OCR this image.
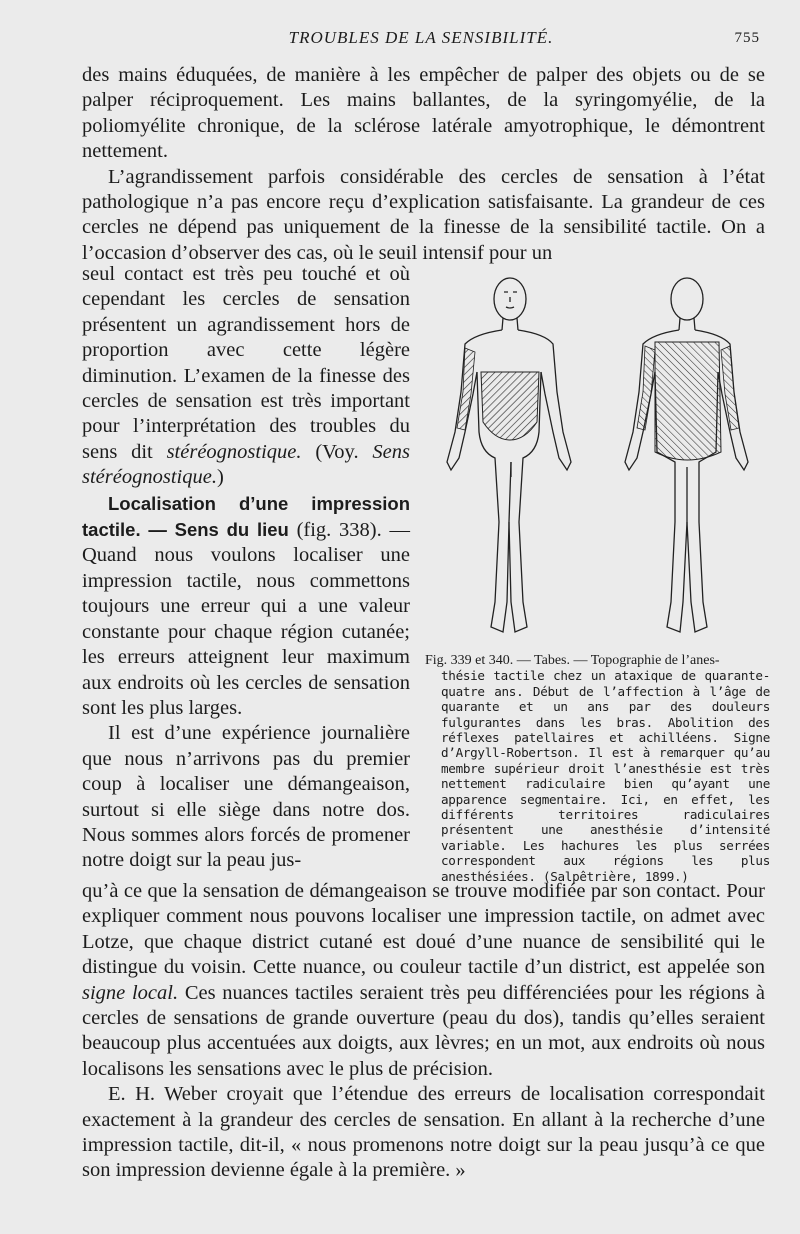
TROUBLES DE LA SENSIBILITÉ.	755

des mains éduquées, de manière à les empêcher de palper des objets ou de se palper réciproquement. Les mains ballantes, de la syringomyélie, de la poliomyélite chronique, de la sclérose latérale amyotrophique, le démontrent nettement.

L’agrandissement parfois considérable des cercles de sensation à l’état pathologique n’a pas encore reçu d’explication satisfaisante. La grandeur de ces cercles ne dépend pas uniquement de la finesse de la sensibilité tactile. On a l’occasion d’observer des cas, où le seuil intensif pour un

seul contact est très peu touché et où cependant les cercles de sensation présentent un agrandissement hors de proportion avec cette légère diminution. L’examen de la finesse des cercles de sensation est très important pour l’interprétation des troubles du sens dit stéréognostique. (Voy. Sens stéréognostique.)

Localisation d’une impression tactile. — Sens du lieu (fig. 338). — Quand nous voulons localiser une impression tactile, nous commettons toujours une erreur qui a une valeur constante pour chaque région cutanée; les erreurs atteignent leur maximum aux endroits où les cercles de sensation sont les plus larges.

Il est d’une expérience journalière que nous n’arrivons pas du premier coup à localiser une démangeaison, surtout si elle siège dans notre dos. Nous sommes alors forcés de promener notre doigt sur la peau jus-

Fig. 339 et 340. — Tabes. — Topographie de l’anes-
thésie tactile chez un ataxique de quarante-quatre ans. Début de l’affection à l’âge de quarante et un ans par des douleurs fulgurantes dans les bras. Abolition des réflexes patellaires et achilléens. Signe d’Argyll-Robertson. Il est à remarquer qu’au membre supérieur droit l’anesthésie est très nettement radiculaire bien qu’ayant une apparence segmentaire. Ici, en effet, les différents territoires radiculaires présentent une anesthésie d’intensité variable. Les hachures les plus serrées correspondent aux régions les plus anesthésiées. (Salpêtrière, 1899.)

qu’à ce que la sensation de démangeaison se trouve modifiée par son contact. Pour expliquer comment nous pouvons localiser une impression tactile, on admet avec Lotze, que chaque district cutané est doué d’une nuance de sensibilité qui le distingue du voisin. Cette nuance, ou couleur tactile d’un district, est appelée son signe local. Ces nuances tactiles seraient très peu différenciées pour les régions à cercles de sensations de grande ouverture (peau du dos), tandis qu’elles seraient beaucoup plus accentuées aux doigts, aux lèvres; en un mot, aux endroits où nous localisons les sensations avec le plus de précision.

E. H. Weber croyait que l’étendue des erreurs de localisation correspondait exactement à la grandeur des cercles de sensation. En allant à la recherche d’une impression tactile, dit-il, « nous promenons notre doigt sur la peau jusqu’à ce que son impression devienne égale à la première. »
